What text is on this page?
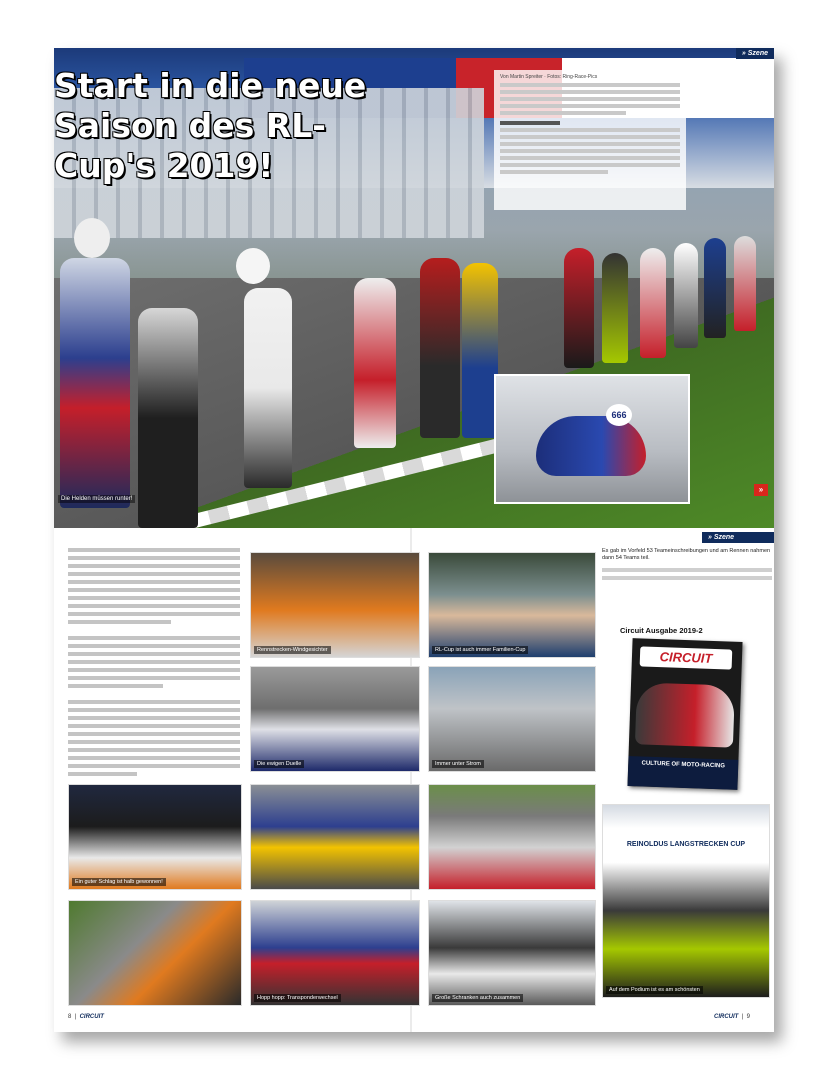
Start in die neue Saison des RL-Cup's 2019!
Von Martin Spreiter · Fotos: Ring-Race-Pics
» Szene
666
Die Helden müssen runter!
»
» Szene
Rennstrecken-Windgesichter	RL-Cup ist auch immer Familien-Cup
Die ewigen Duelle	Immer unter Strom
Ein guter Schlag ist halb gewonnen!
Hopp hopp: Transponderwechsel	Große Schranken auch zusammen

Es gab im Vorfeld 53 Teameinschreibungen und am Rennen nahmen dann 54 Teams teil.

Circuit Ausgabe 2019-2
CIRCUIT
CULTURE OF MOTO-RACING
REINOLDUS LANGSTRECKEN CUP
Auf dem Podium ist es am schönsten
8  |  CIRCUIT	CIRCUIT  |  9
